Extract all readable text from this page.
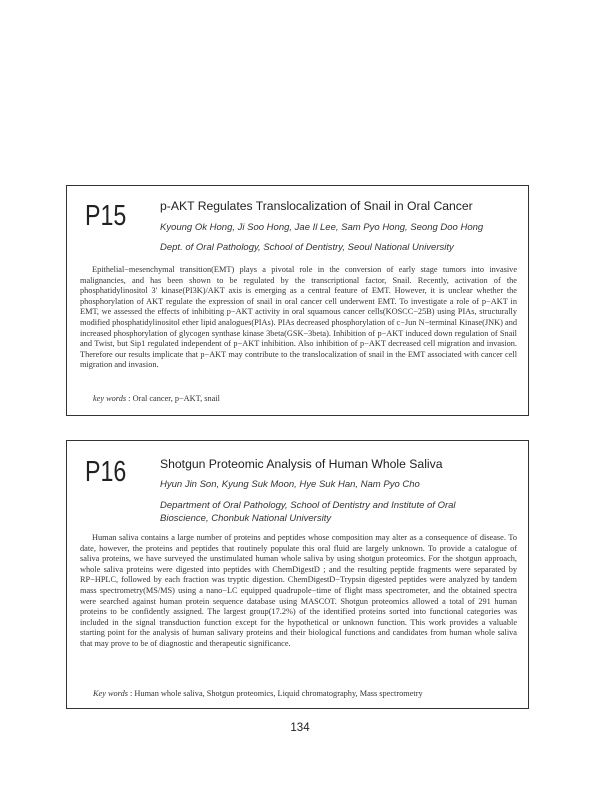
P15	p-AKT Regulates Translocalization of Snail in Oral Cancer
Kyoung Ok Hong, Ji Soo Hong, Jae Il Lee, Sam Pyo Hong, Seong Doo Hong
Dept. of Oral Pathology, School of Dentistry, Seoul National University
Epithelial−mesenchymal transition(EMT) plays a pivotal role in the conversion of early stage tumors into invasive malignancies, and has been shown to be regulated by the transcriptional factor, Snail. Recently, activation of the phosphatidylinositol 3′ kinase(PI3K)/AKT axis is emerging as a central feature of EMT. However, it is unclear whether the phosphorylation of AKT regulate the expression of snail in oral cancer cell underwent EMT. To investigate a role of p−AKT in EMT, we assessed the effects of inhibiting p−AKT activity in oral squamous cancer cells(KOSCC−25B) using PIAs, structurally modified phosphatidylinositol ether lipid analogues(PIAs). PIAs decreased phosphorylation of c−Jun N−terminal Kinase(JNK) and increased phosphorylation of glycogen synthase kinase 3beta(GSK−3beta). Inhibition of p−AKT induced down regulation of Snail and Twist, but Sip1 regulated independent of p−AKT inhibition. Also inhibition of p−AKT decreased cell migration and invasion. Therefore our results implicate that p−AKT may contribute to the translocalization of snail in the EMT associated with cancer cell migration and invasion.
key words : Oral cancer, p−AKT, snail
P16	Shotgun Proteomic Analysis of Human Whole Saliva
Hyun Jin Son, Kyung Suk Moon, Hye Suk Han, Nam Pyo Cho
Department of Oral Pathology, School of Dentistry and Institute of Oral Bioscience, Chonbuk National University
Human saliva contains a large number of proteins and peptides whose composition may alter as a consequence of disease. To date, however, the proteins and peptides that routinely populate this oral fluid are largely unknown. To provide a catalogue of saliva proteins, we have surveyed the unstimulated human whole saliva by using shotgun proteomics. For the shotgun approach, whole saliva proteins were digested into peptides with ChemDigestD ; and the resulting peptide fragments were separated by RP−HPLC, followed by each fraction was tryptic digestion. ChemDigestD−Trypsin digested peptides were analyzed by tandem mass spectrometry(MS/MS) using a nano−LC equipped quadrupole−time of flight mass spectrometer, and the obtained spectra were searched against human protein sequence database using MASCOT. Shotgun proteomics allowed a total of 291 human proteins to be confidently assigned. The largest group(17.2%) of the identified proteins sorted into functional categories was included in the signal transduction function except for the hypothetical or unknown function. This work provides a valuable starting point for the analysis of human salivary proteins and their biological functions and candidates from human whole saliva that may prove to be of diagnostic and therapeutic significance.
Key words : Human whole saliva, Shotgun proteomics, Liquid chromatography, Mass spectrometry
134
